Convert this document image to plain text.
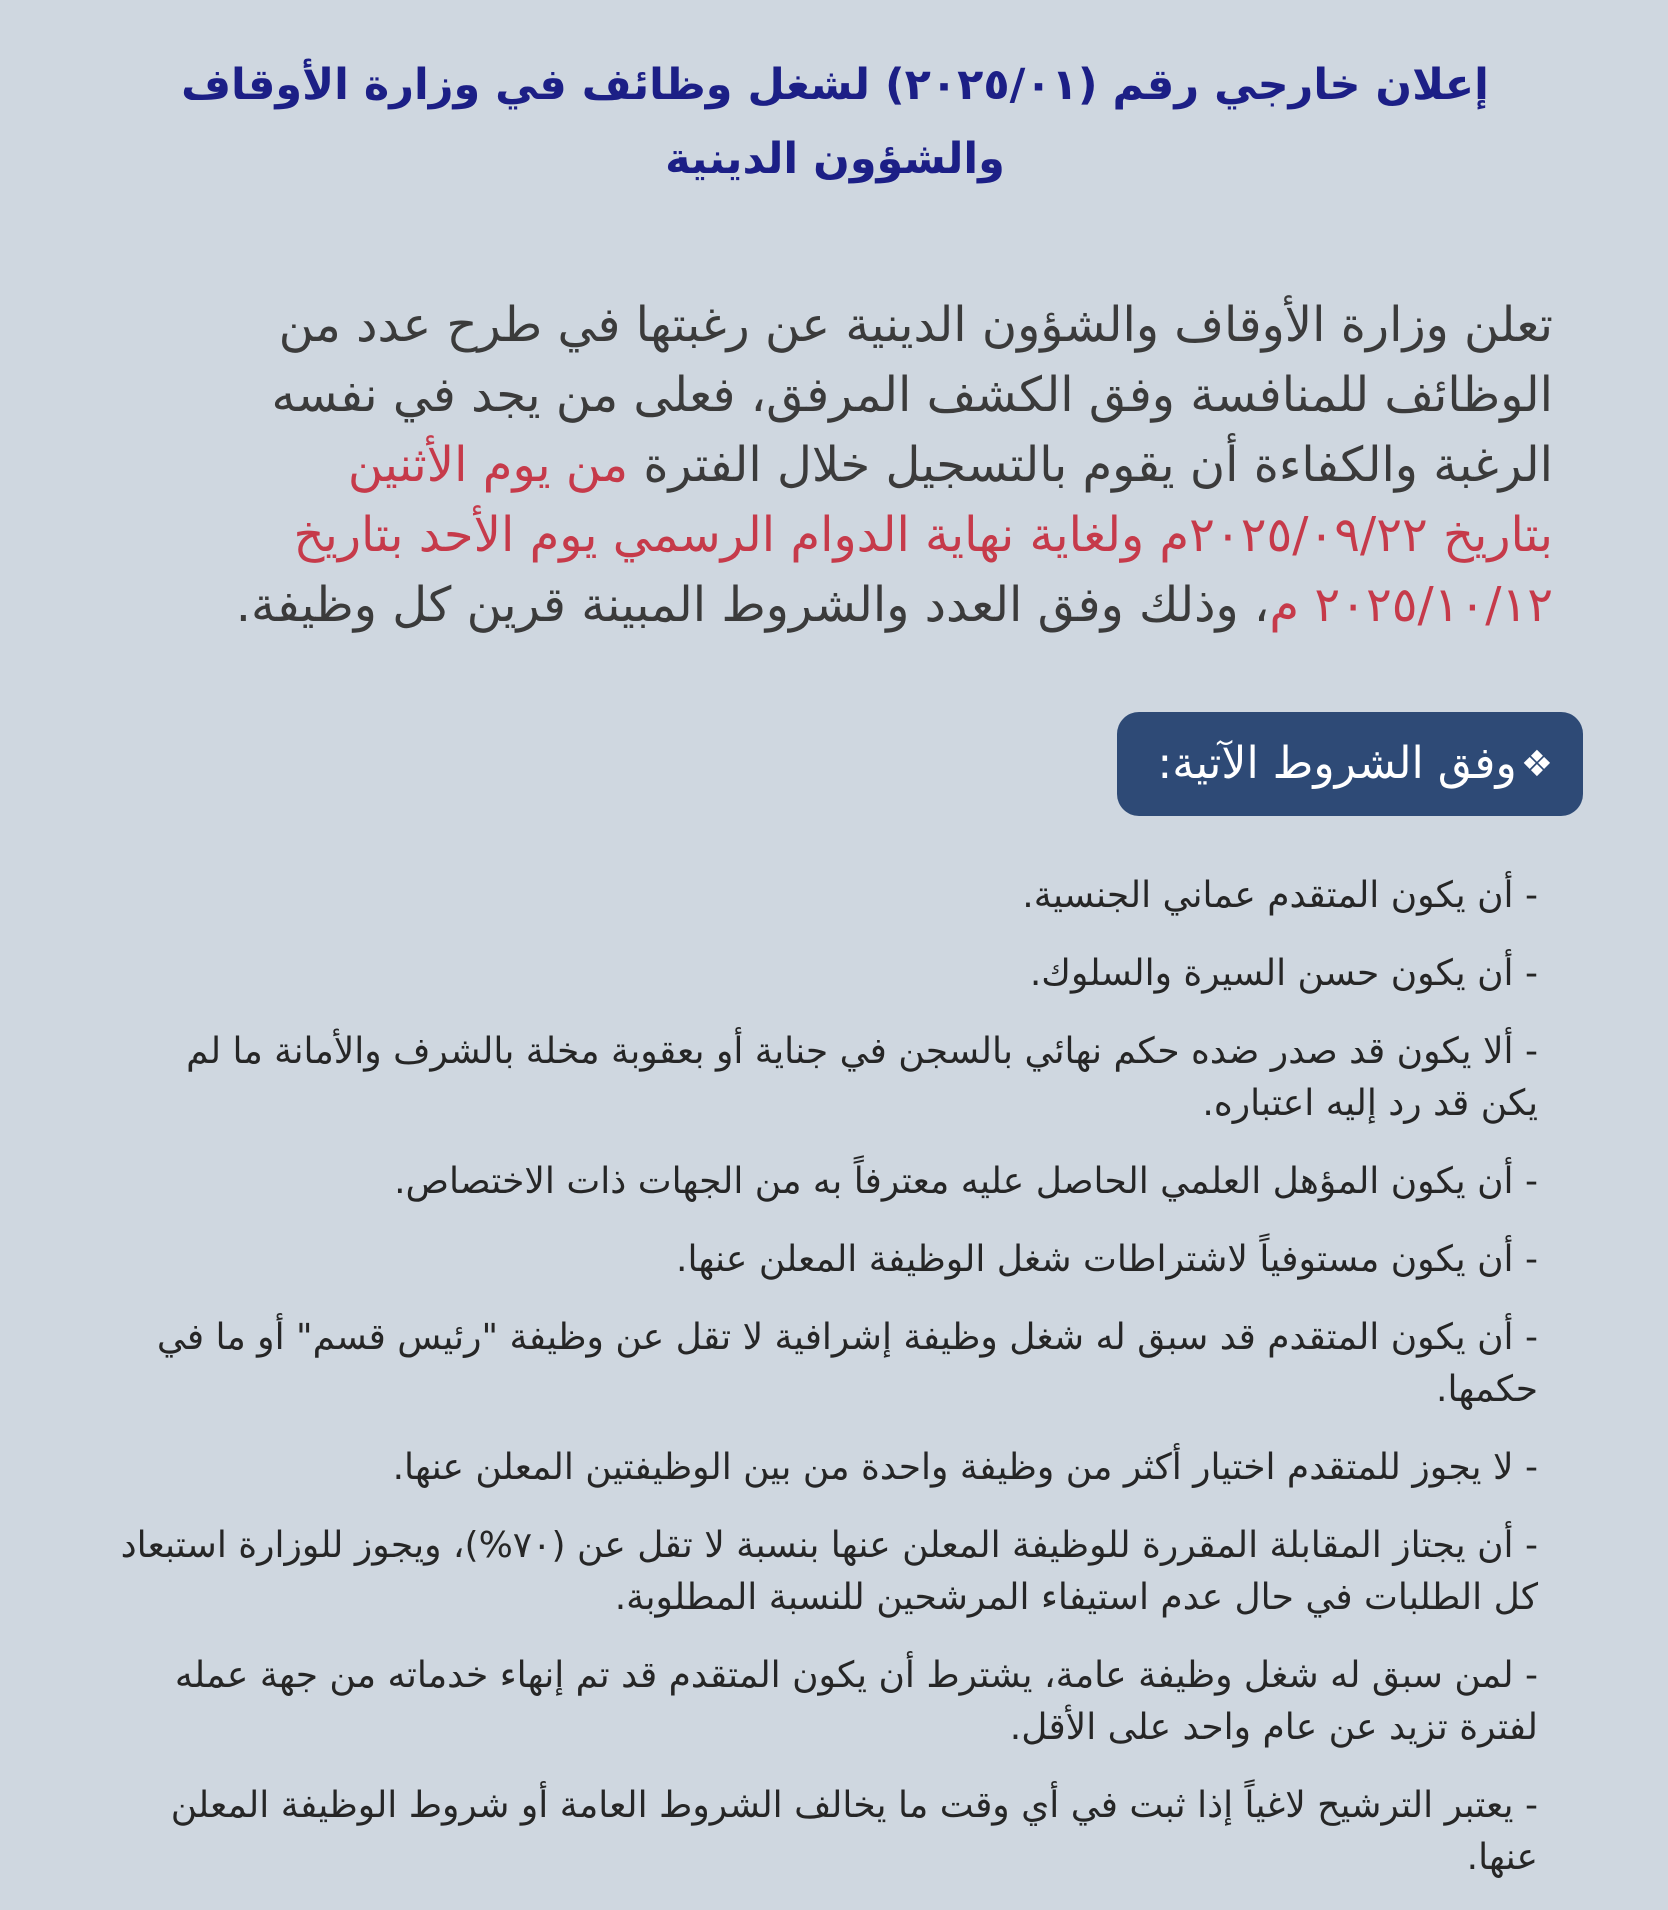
إعلان خارجي رقم (٢٠٢٥/٠١) لشغل وظائف في وزارة الأوقاف والشؤون الدينية
تعلن وزارة الأوقاف والشؤون الدينية عن رغبتها في طرح عدد من الوظائف للمنافسة وفق الكشف المرفق، فعلى من يجد في نفسه الرغبة والكفاءة أن يقوم بالتسجيل خلال الفترة من يوم الأثنين بتاريخ ٢٠٢٥/٠٩/٢٢م ولغاية نهاية الدوام الرسمي يوم الأحد بتاريخ ٢٠٢٥/١٠/١٢ م، وذلك وفق العدد والشروط المبينة قرين كل وظيفة.
❖
وفق الشروط الآتية:
- أن يكون المتقدم عماني الجنسية.
- أن يكون حسن السيرة والسلوك.
- ألا يكون قد صدر ضده حكم نهائي بالسجن في جناية أو بعقوبة مخلة بالشرف والأمانة ما لم يكن قد رد إليه اعتباره.
- أن يكون المؤهل العلمي الحاصل عليه معترفاً به من الجهات ذات الاختصاص.
- أن يكون مستوفياً لاشتراطات شغل الوظيفة المعلن عنها.
- أن يكون المتقدم قد سبق له شغل وظيفة إشرافية لا تقل عن وظيفة "رئيس قسم" أو ما في حكمها.
- لا يجوز للمتقدم اختيار أكثر من وظيفة واحدة من بين الوظيفتين المعلن عنها.
- أن يجتاز المقابلة المقررة للوظيفة المعلن عنها بنسبة لا تقل عن (٧٠%)، ويجوز للوزارة استبعاد كل الطلبات في حال عدم استيفاء المرشحين للنسبة المطلوبة.
- لمن سبق له شغل وظيفة عامة، يشترط أن يكون المتقدم قد تم إنهاء خدماته من جهة عمله لفترة تزيد عن عام واحد على الأقل.
- يعتبر الترشيح لاغياً إذا ثبت في أي وقت ما يخالف الشروط العامة أو شروط الوظيفة المعلن عنها.
